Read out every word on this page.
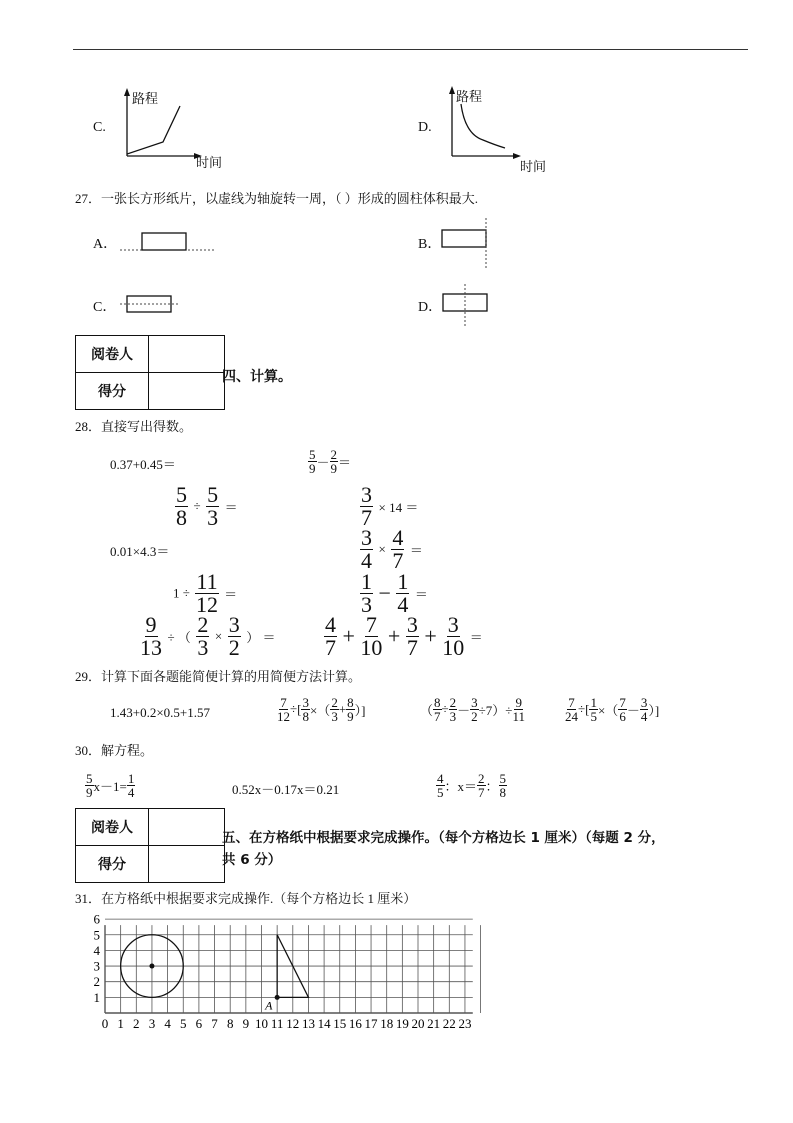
C.
路程
时间
D.
路程
时间
27．一张长方形纸片，以虚线为轴旋转一周，（ ）形成的圆柱体积最大.
A．	B．
C．	D．
阅卷人	
得分	
四、计算。
28．直接写出得数。
0.37+0.45＝	$\frac{5}{9} - \frac{2}{9}$ ＝
$\frac{5}{8} \div \frac{5}{3}$ ＝	$\frac{3}{7} \times 14$ ＝
0.01×4.3＝	$\frac{3}{4} \times \frac{4}{7}$ ＝
$1 \div \frac{11}{12}$ ＝	$\frac{1}{3} - \frac{1}{4}$ ＝
$\frac{9}{13}$ ÷ （ $\frac{2}{3} \times \frac{3}{2}$ ） ＝ $\frac{4}{7} + \frac{7}{10} + \frac{3}{7} + \frac{3}{10}$ ＝
29．计算下面各题能简便计算的用简便方法计算。
1.43+0.2×0.5+1.57	$\frac{7}{12}$ ÷[ $\frac{3}{8}$ ×（ $\frac{2}{3} + \frac{8}{9}$ ）]	（ $\frac{8}{7} \div \frac{2}{3} - \frac{3}{2} \div 7)\div \frac{9}{11}$	$\frac{7}{24}$ ÷[ $\frac{1}{5}$ ×（ $\frac{7}{6} - \frac{3}{4}$ ）]
30．解方程。
$\frac{5}{9} x-1= \frac{1}{4}$	0.52x－0.17x＝0.21	$\frac{4}{5}$ ：$x= \frac{2}{7}$ ： $\frac{5}{8}$
阅卷人	
得分	
五、在方格纸中根据要求完成操作。（每个方格边长 1 厘米）（每题 2 分，
共 6 分）
31．在方格纸中根据要求完成操作.（每个方格边长 1 厘米）
0 1 2 3 4 5 6 7 8 9 10 11 12 13 14 15 16 17 18 19 20 21 22 23
1
2
3
4
5
6
A
